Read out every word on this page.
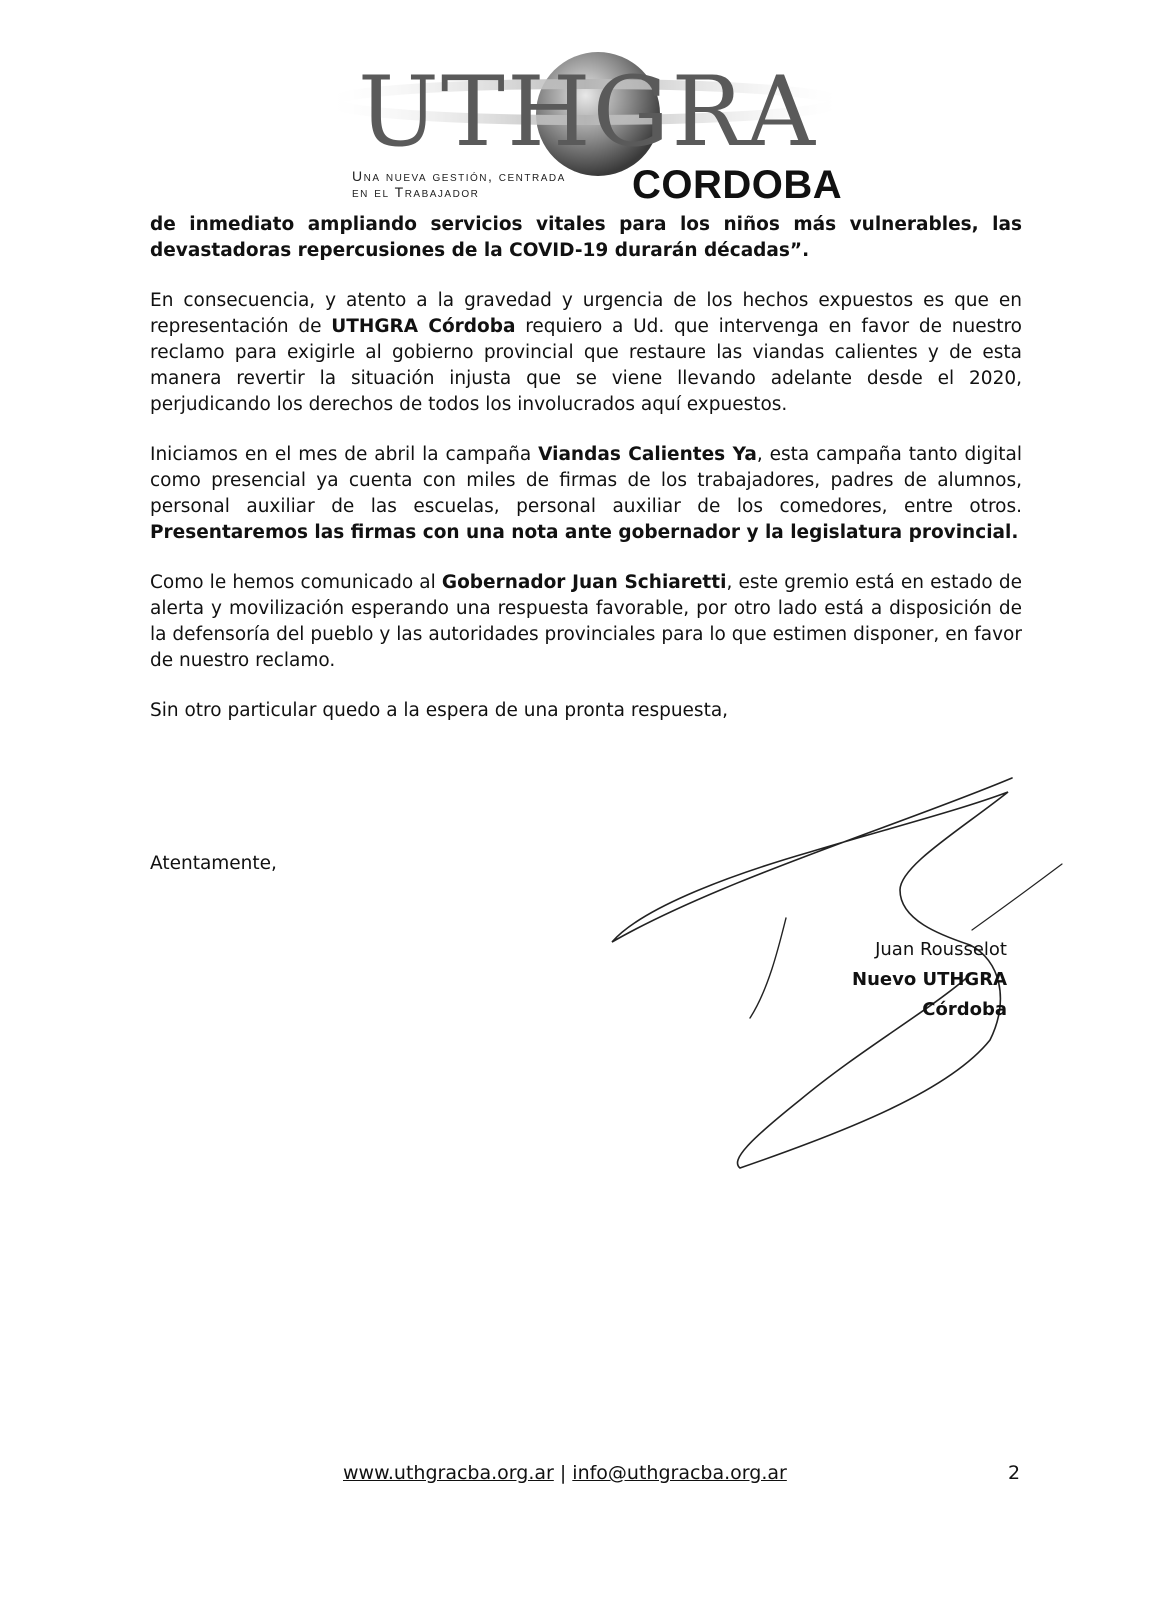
UTHGRA
Una nueva gestión, centrada
en el Trabajador	CORDOBA

de inmediato ampliando servicios vitales para los niños más vulnerables, las devastadoras repercusiones de la COVID-19 durarán décadas”.

En consecuencia, y atento a la gravedad y urgencia de los hechos expuestos es que en representación de UTHGRA Córdoba requiero a Ud. que intervenga en favor de nuestro reclamo para exigirle al gobierno provincial que restaure las viandas calientes y de esta manera revertir la situación injusta que se viene llevando adelante desde el 2020, perjudicando los derechos de todos los involucrados aquí expuestos.

Iniciamos en el mes de abril la campaña Viandas Calientes Ya, esta campaña tanto digital como presencial ya cuenta con miles de firmas de los trabajadores, padres de alumnos, personal auxiliar de las escuelas, personal auxiliar de los comedores, entre otros. Presentaremos las firmas con una nota ante gobernador y la legislatura provincial.

Como le hemos comunicado al Gobernador Juan Schiaretti, este gremio está en estado de alerta y movilización esperando una respuesta favorable, por otro lado está a disposición de la defensoría del pueblo y las autoridades provinciales para lo que estimen disponer, en favor de nuestro reclamo.

Sin otro particular quedo a la espera de una pronta respuesta,

Atentamente,
Juan Rousselot
Nuevo UTHGRA Córdoba
www.uthgracba.org.ar | info@uthgracba.org.ar	2
